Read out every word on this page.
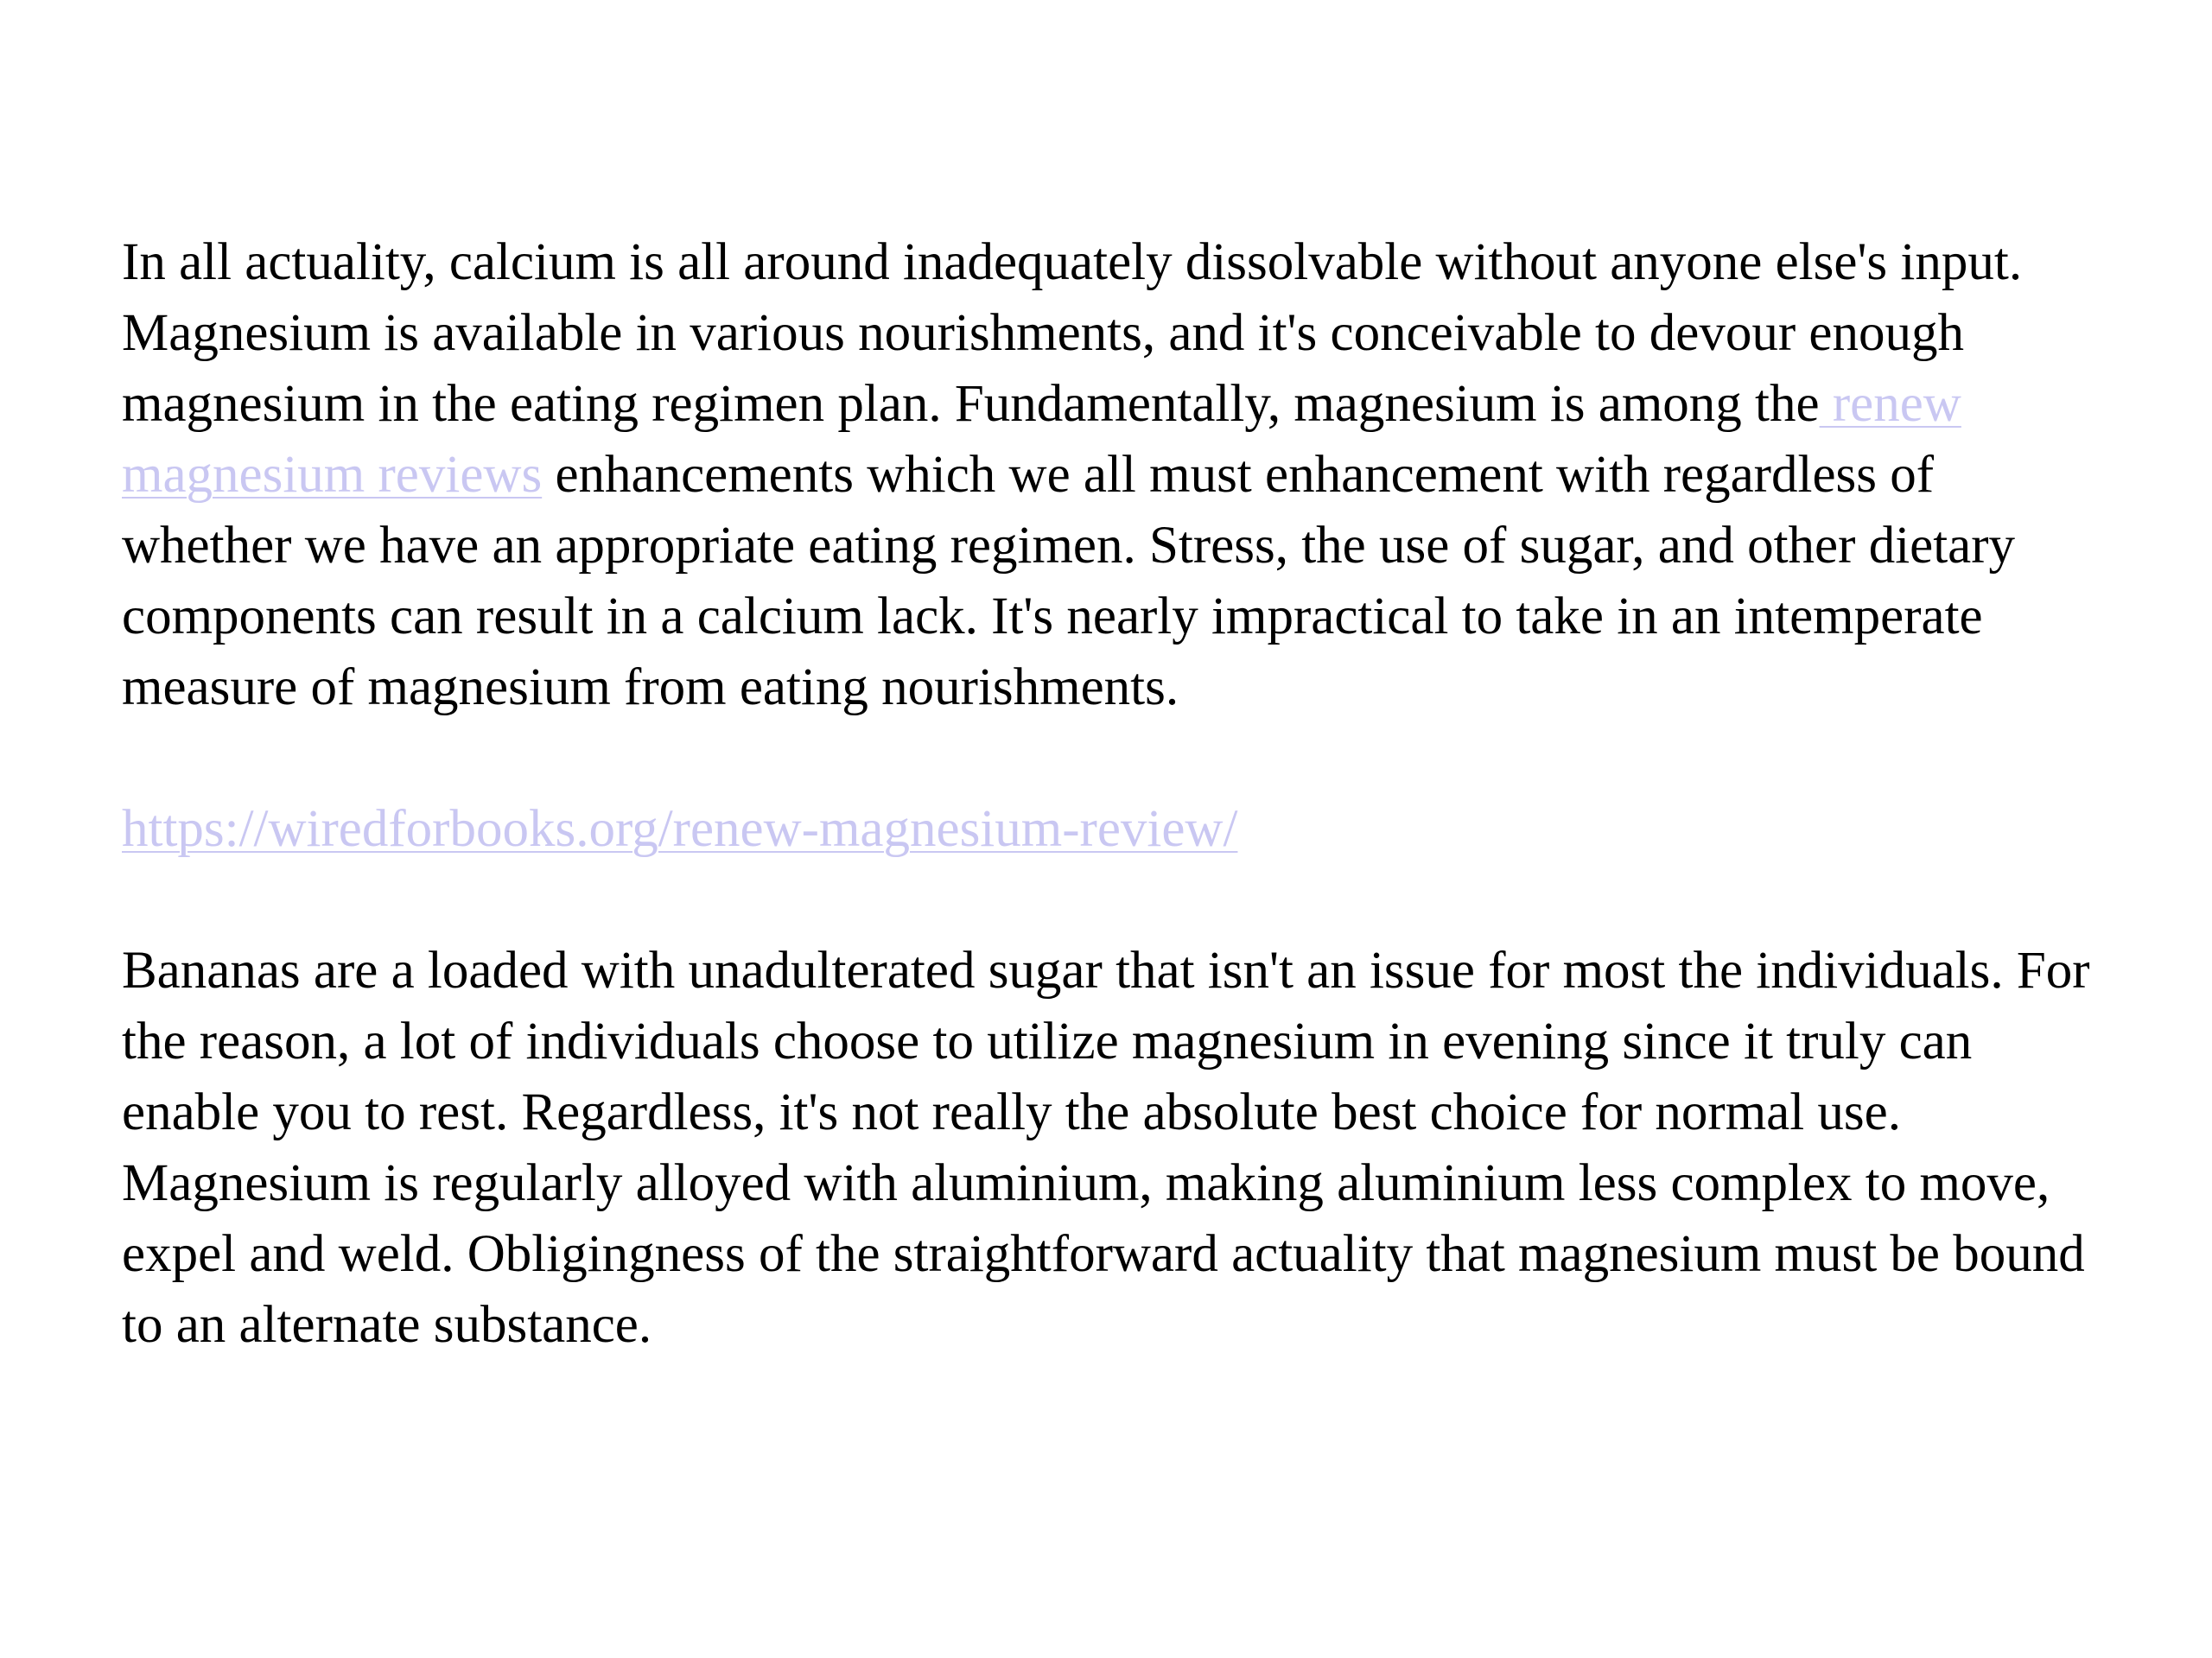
In all actuality, calcium is all around inadequately dissolvable without anyone else's input. Magnesium is available in various nourishments, and it's conceivable to devour enough magnesium in the eating regimen plan. Fundamentally, magnesium is among the renew magnesium reviews enhancements which we all must enhancement with regardless of whether we have an appropriate eating regimen. Stress, the use of sugar, and other dietary components can result in a calcium lack. It's nearly impractical to take in an intemperate measure of magnesium from eating nourishments.

https://wiredforbooks.org/renew-magnesium-review/

Bananas are a loaded with unadulterated sugar that isn't an issue for most the individuals. For the reason, a lot of individuals choose to utilize magnesium in evening since it truly can enable you to rest. Regardless, it's not really the absolute best choice for normal use. Magnesium is regularly alloyed with aluminium, making aluminium less complex to move, expel and weld. Obligingness of the straightforward actuality that magnesium must be bound to an alternate substance.
